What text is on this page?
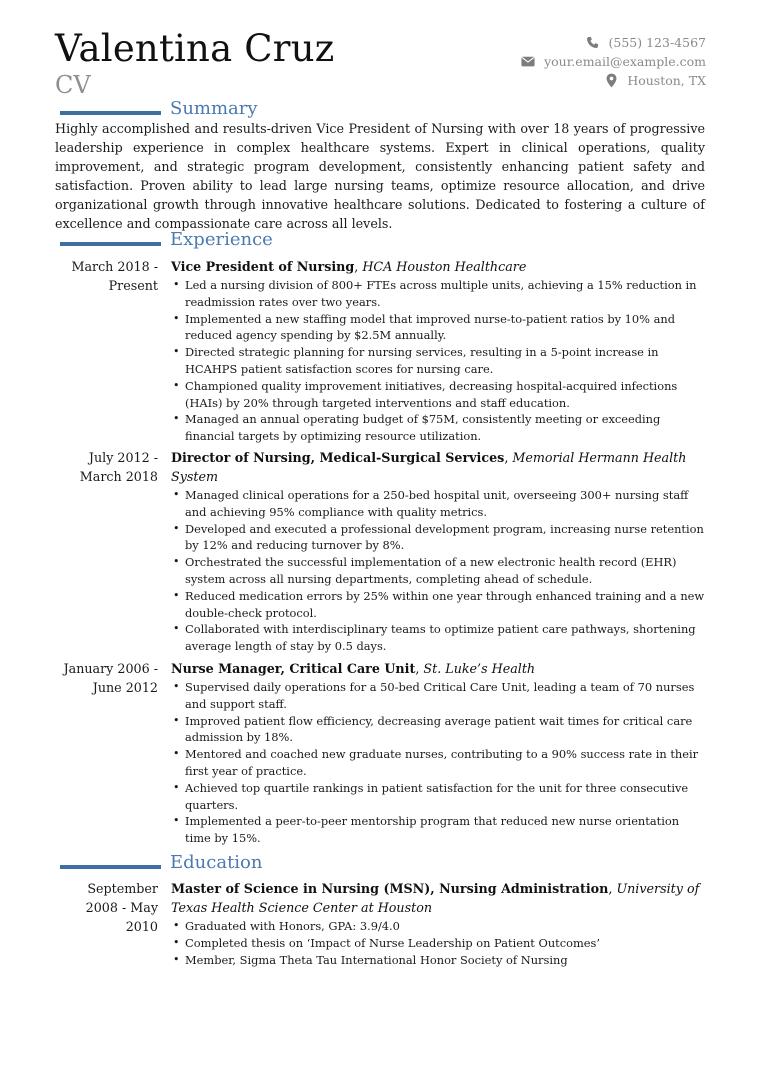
Valentina Cruz
CV
(555) 123-4567
your.email@example.com
Houston, TX
Summary
Highly accomplished and results-driven Vice President of Nursing with over 18 years of progressive leadership experience in complex healthcare systems. Expert in clinical operations, quality improvement, and strategic program development, consistently enhancing patient safety and satisfaction. Proven ability to lead large nursing teams, optimize resource allocation, and drive organizational growth through innovative healthcare solutions. Dedicated to fostering a culture of excellence and compassionate care across all levels.
Experience
March 2018 - Present
Vice President of Nursing, HCA Houston Healthcare
• Led a nursing division of 800+ FTEs across multiple units, achieving a 15% reduction in readmission rates over two years.
• Implemented a new staffing model that improved nurse-to-patient ratios by 10% and reduced agency spending by $2.5M annually.
• Directed strategic planning for nursing services, resulting in a 5-point increase in HCAHPS patient satisfaction scores for nursing care.
• Championed quality improvement initiatives, decreasing hospital-acquired infections (HAIs) by 20% through targeted interventions and staff education.
• Managed an annual operating budget of $75M, consistently meeting or exceeding financial targets by optimizing resource utilization.
July 2012 - March 2018
Director of Nursing, Medical-Surgical Services, Memorial Hermann Health System
• Managed clinical operations for a 250-bed hospital unit, overseeing 300+ nursing staff and achieving 95% compliance with quality metrics.
• Developed and executed a professional development program, increasing nurse retention by 12% and reducing turnover by 8%.
• Orchestrated the successful implementation of a new electronic health record (EHR) system across all nursing departments, completing ahead of schedule.
• Reduced medication errors by 25% within one year through enhanced training and a new double-check protocol.
• Collaborated with interdisciplinary teams to optimize patient care pathways, shortening average length of stay by 0.5 days.
January 2006 - June 2012
Nurse Manager, Critical Care Unit, St. Luke’s Health
• Supervised daily operations for a 50-bed Critical Care Unit, leading a team of 70 nurses and support staff.
• Improved patient flow efficiency, decreasing average patient wait times for critical care admission by 18%.
• Mentored and coached new graduate nurses, contributing to a 90% success rate in their first year of practice.
• Achieved top quartile rankings in patient satisfaction for the unit for three consecutive quarters.
• Implemented a peer-to-peer mentorship program that reduced new nurse orientation time by 15%.
Education
September 2008 - May 2010
Master of Science in Nursing (MSN), Nursing Administration, University of Texas Health Science Center at Houston
• Graduated with Honors, GPA: 3.9/4.0
• Completed thesis on ‘Impact of Nurse Leadership on Patient Outcomes’
• Member, Sigma Theta Tau International Honor Society of Nursing
